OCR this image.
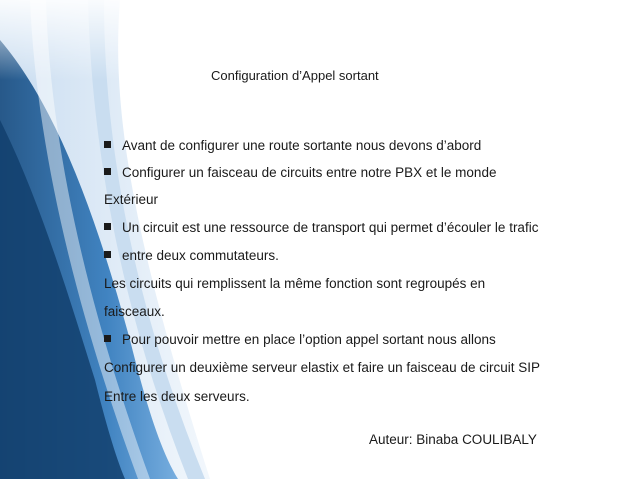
Configuration d’Appel sortant
Avant de configurer une route sortante nous devons d’abord
Configurer un faisceau de circuits entre notre PBX et le monde
Extérieur
Un circuit est une ressource de transport qui permet d’écouler le trafic
entre deux commutateurs.
Les circuits qui remplissent la même fonction sont regroupés en
faisceaux.
Pour pouvoir mettre en place l’option appel sortant nous allons
Configurer un deuxième serveur elastix et faire un faisceau de circuit SIP
Entre les deux serveurs.
Auteur: Binaba COULIBALY
